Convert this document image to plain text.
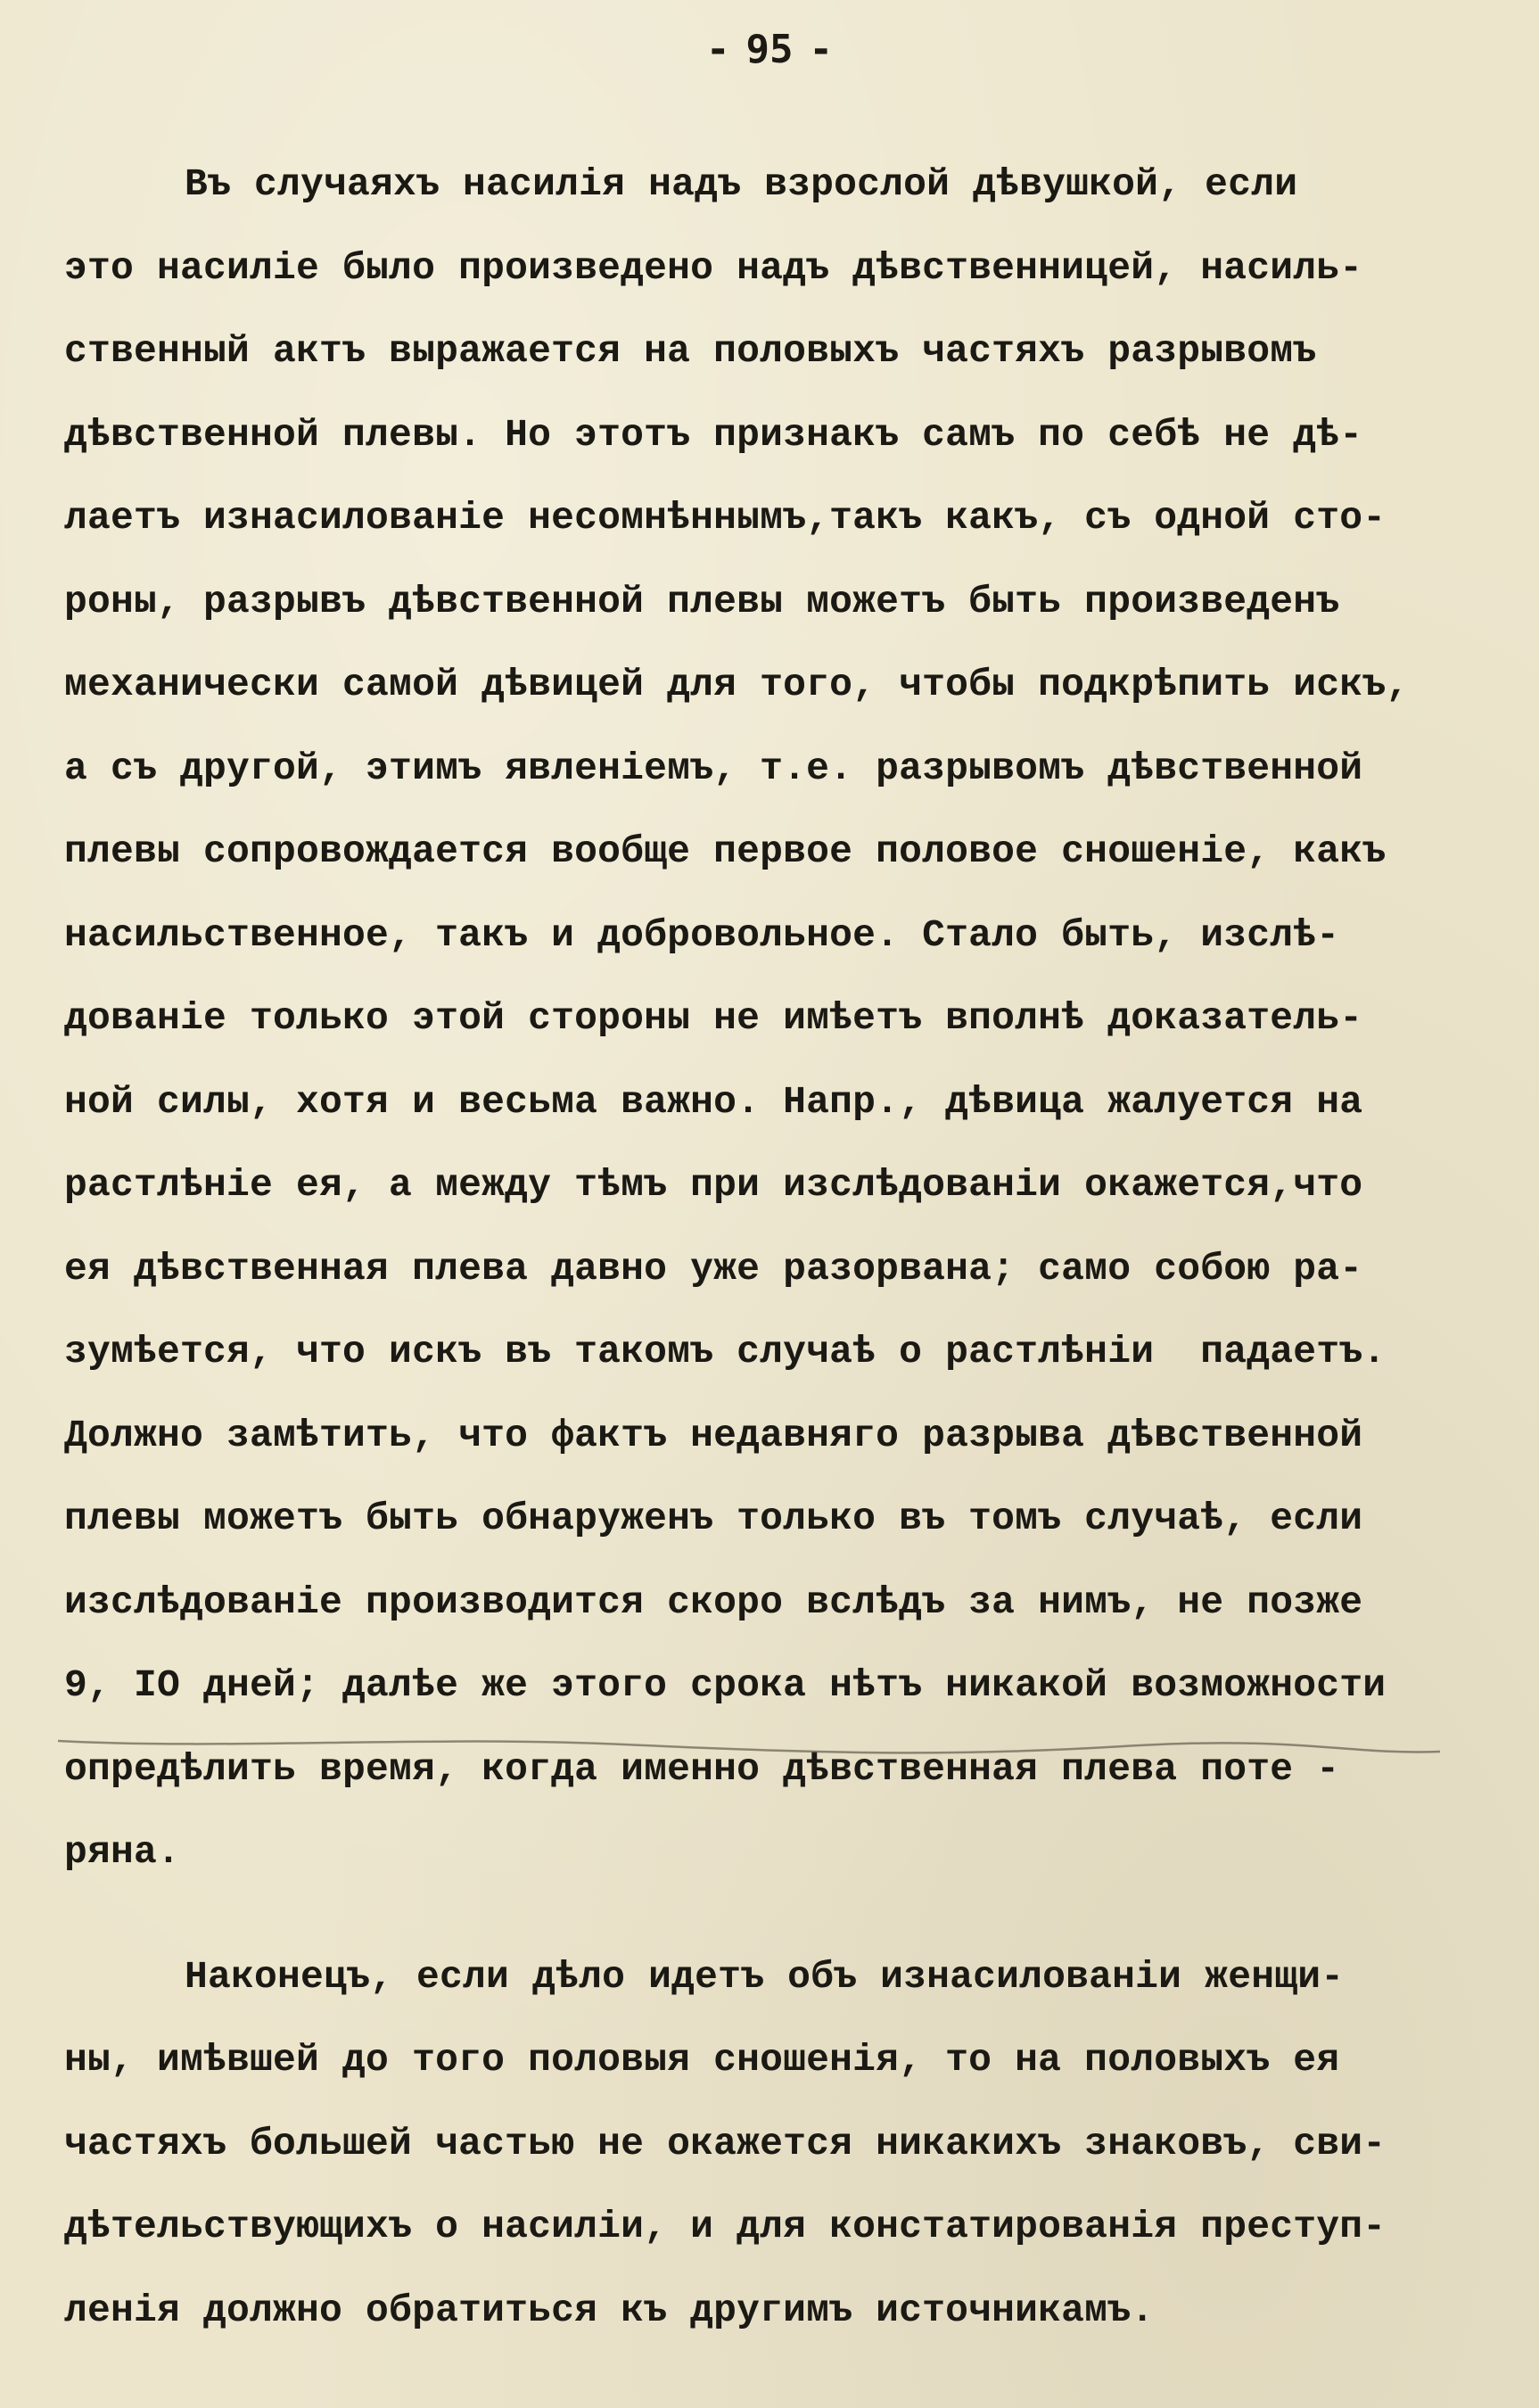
- 95 -
Въ случаяхъ насилія надъ взрослой дѣвушкой, если
это насиліе было произведено надъ дѣвственницей, насиль-
ственный актъ выражается на половыхъ частяхъ разрывомъ
дѣвственной плевы. Но этотъ признакъ самъ по себѣ не дѣ-
лаетъ изнасилованіе несомнѣннымъ,такъ какъ, съ одной сто-
роны, разрывъ дѣвственной плевы можетъ быть произведенъ
механически самой дѣвицей для того, чтобы подкрѣпить искъ,
а съ другой, этимъ явленіемъ, т.е. разрывомъ дѣвственной
плевы сопровождается вообще первое половое сношеніе, какъ
насильственное, такъ и добровольное. Стало быть, изслѣ-
дованіе только этой стороны не имѣетъ вполнѣ доказатель-
ной силы, хотя и весьма важно. Напр., дѣвица жалуется на
растлѣніе ея, а между тѣмъ при изслѣдованіи окажется,что
ея дѣвственная плева давно уже разорвана; само собою ра-
зумѣется, что искъ въ такомъ случаѣ о растлѣніи  падаетъ.
Должно замѣтить, что фактъ недавняго разрыва дѣвственной
плевы можетъ быть обнаруженъ только въ томъ случаѣ, если
изслѣдованіе производится скоро вслѣдъ за нимъ, не позже
9, IO дней; далѣе же этого срока нѣтъ никакой возможности
опредѣлить время, когда именно дѣвственная плева поте -
ряна.
Наконецъ, если дѣло идетъ объ изнасилованіи женщи-
ны, имѣвшей до того половыя сношенія, то на половыхъ ея
частяхъ большей частью не окажется никакихъ знаковъ, сви-
дѣтельствующихъ о насиліи, и для констатированія преступ-
ленія должно обратиться къ другимъ источникамъ.
